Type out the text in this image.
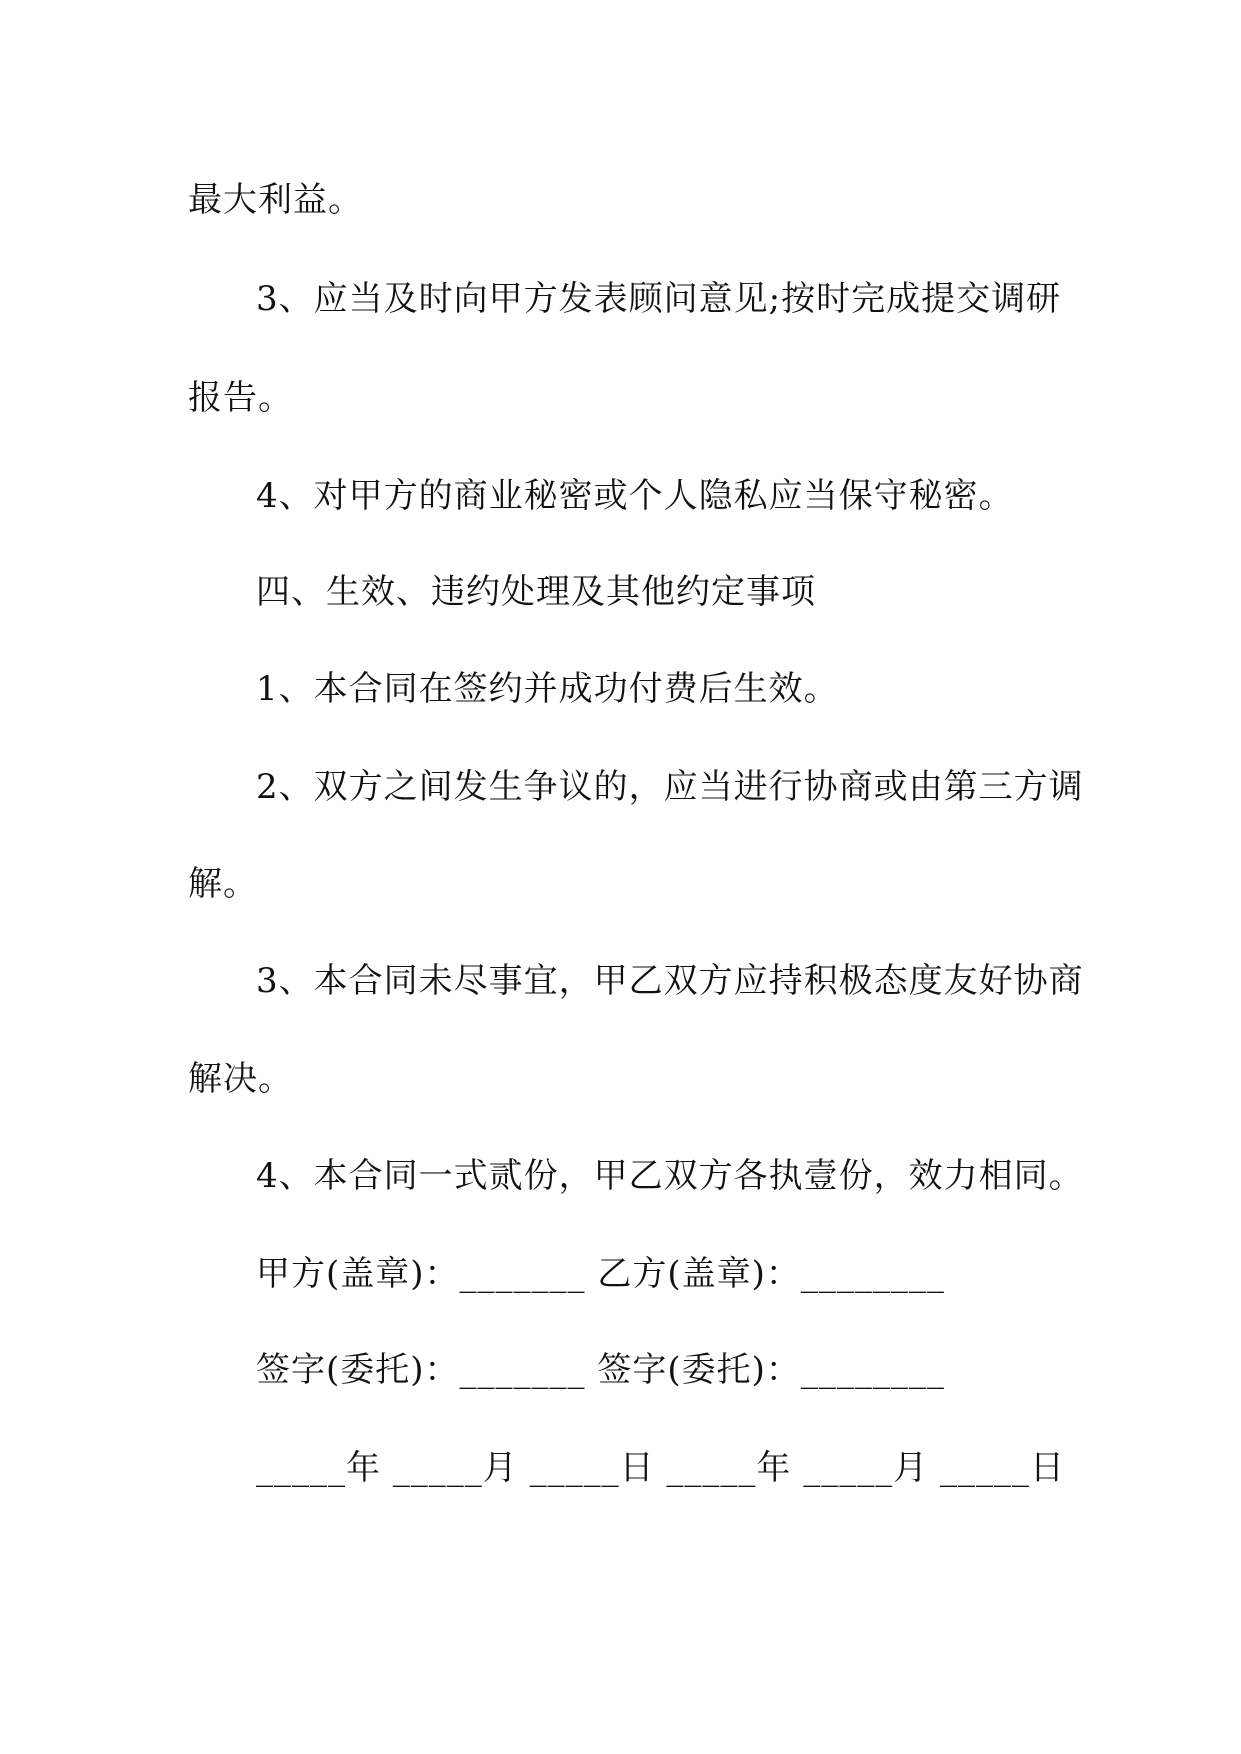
最大利益。

3、应当及时向甲方发表顾问意见;按时完成提交调研

报告。

4、对甲方的商业秘密或个人隐私应当保守秘密。

四、生效、违约处理及其他约定事项

1、本合同在签约并成功付费后生效。

2、双方之间发生争议的，应当进行协商或由第三方调

解。

3、本合同未尽事宜，甲乙双方应持积极态度友好协商

解决。

4、本合同一式贰份，甲乙双方各执壹份，效力相同。

甲方(盖章)：_______ 乙方(盖章)：________

签字(委托)：_______ 签字(委托)：________

_____年 _____月 _____日 _____年 _____月 _____日
